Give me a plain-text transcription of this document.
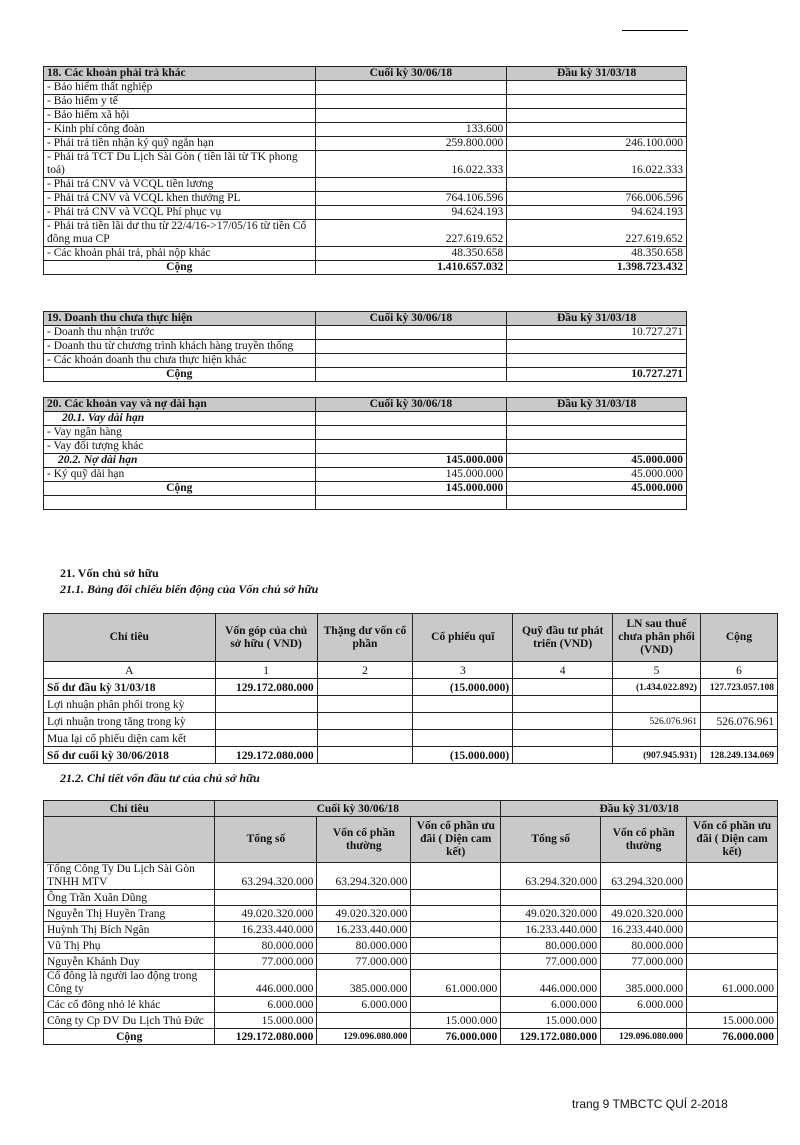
18. Các khoản phải trả khác	Cuối kỳ 30/06/18	Đầu kỳ 31/03/18
- Bảo hiểm thất nghiệp		
- Bảo hiểm y tế		
- Bảo hiểm xã hội		
- Kinh phí công đoàn	133.600	
- Phải trả tiền nhận ký quỹ ngắn hạn	259.800.000	246.100.000
- Phải trả TCT Du Lịch Sài Gòn ( tiền lãi từ TK phong toả)	16.022.333	16.022.333
- Phải trả CNV và VCQL tiền lương		
- Phải trả CNV và VCQL khen thưởng PL	764.106.596	766.006.596
- Phải trả CNV và VCQL Phí phục vụ	94.624.193	94.624.193
- Phải trả tiền lãi dư thu từ 22/4/16->17/05/16 từ tiền Cổ đông mua CP	227.619.652	227.619.652
- Các khoản phải trả, phải nộp khác	48.350.658	48.350.658
Cộng	1.410.657.032	1.398.723.432
19. Doanh thu chưa thực hiện	Cuối kỳ 30/06/18	Đầu kỳ 31/03/18
- Doanh thu nhận trước		10.727.271
- Doanh thu từ chương trình khách hàng truyền thống		
- Các khoản doanh thu chưa thực hiện khác		
Cộng		10.727.271
20. Các khoản vay và nợ dài hạn	Cuối kỳ 30/06/18	Đầu kỳ 31/03/18
20.1. Vay dài hạn		
- Vay ngân hàng		
- Vay đối tượng khác		
20.2. Nợ dài hạn	145.000.000	45.000.000
- Ký quỹ dài hạn	145.000.000	45.000.000
Cộng	145.000.000	45.000.000

21. Vốn chủ sở hữu
21.1. Bảng đối chiếu biến động của Vốn chủ sở hữu
Chỉ tiêu	Vốn góp của chủ sở hữu ( VND)	Thặng dư vốn cổ phần	Cổ phiếu quĩ	Quỹ đầu tư phát triển (VND)	LN sau thuế chưa phân phối (VND)	Cộng
A	1	2	3	4	5	6
Số dư đầu kỳ 31/03/18	129.172.080.000		(15.000.000)		(1.434.022.892)	127.723.057.108
Lợi nhuận phân phối trong kỳ						
Lợi nhuận trong tăng trong kỳ					526.076.961	526.076.961
Mua lại cổ phiếu diện cam kết						
Số dư cuối kỳ 30/06/2018	129.172.080.000		(15.000.000)		(907.945.931)	128.249.134.069
21.2. Chi tiết vốn đầu tư của chủ sở hữu
Chỉ tiêu	Cuối kỳ 30/06/18			Đầu kỳ 31/03/18		
	Tổng số	Vốn cổ phần thường	Vốn cổ phần ưu đãi ( Diện cam kết)	Tổng số	Vốn cổ phần thường	Vốn cổ phần ưu đãi ( Diện cam kết)
Tổng Công Ty Du Lịch Sài Gòn TNHH MTV	63.294.320.000	63.294.320.000		63.294.320.000	63.294.320.000	
Ông Trần Xuân Dũng						
Nguyễn Thị Huyền Trang	49.020.320.000	49.020.320.000		49.020.320.000	49.020.320.000	
Huỳnh Thị Bích Ngân	16.233.440.000	16.233.440.000		16.233.440.000	16.233.440.000	
Vũ Thị Phụ	80.000.000	80.000.000		80.000.000	80.000.000	
Nguyễn Khánh Duy	77.000.000	77.000.000		77.000.000	77.000.000	
Cổ đông là người lao động trong Công ty	446.000.000	385.000.000	61.000.000	446.000.000	385.000.000	61.000.000
Các cổ đông nhỏ lẻ khác	6.000.000	6.000.000		6.000.000	6.000.000	
Công ty Cp DV Du Lịch Thủ Đức	15.000.000		15.000.000	15.000.000		15.000.000
Cộng	129.172.080.000	129.096.080.000	76.000.000	129.172.080.000	129.096.080.000	76.000.000
trang 9 TMBCTC QUÍ 2-2018
